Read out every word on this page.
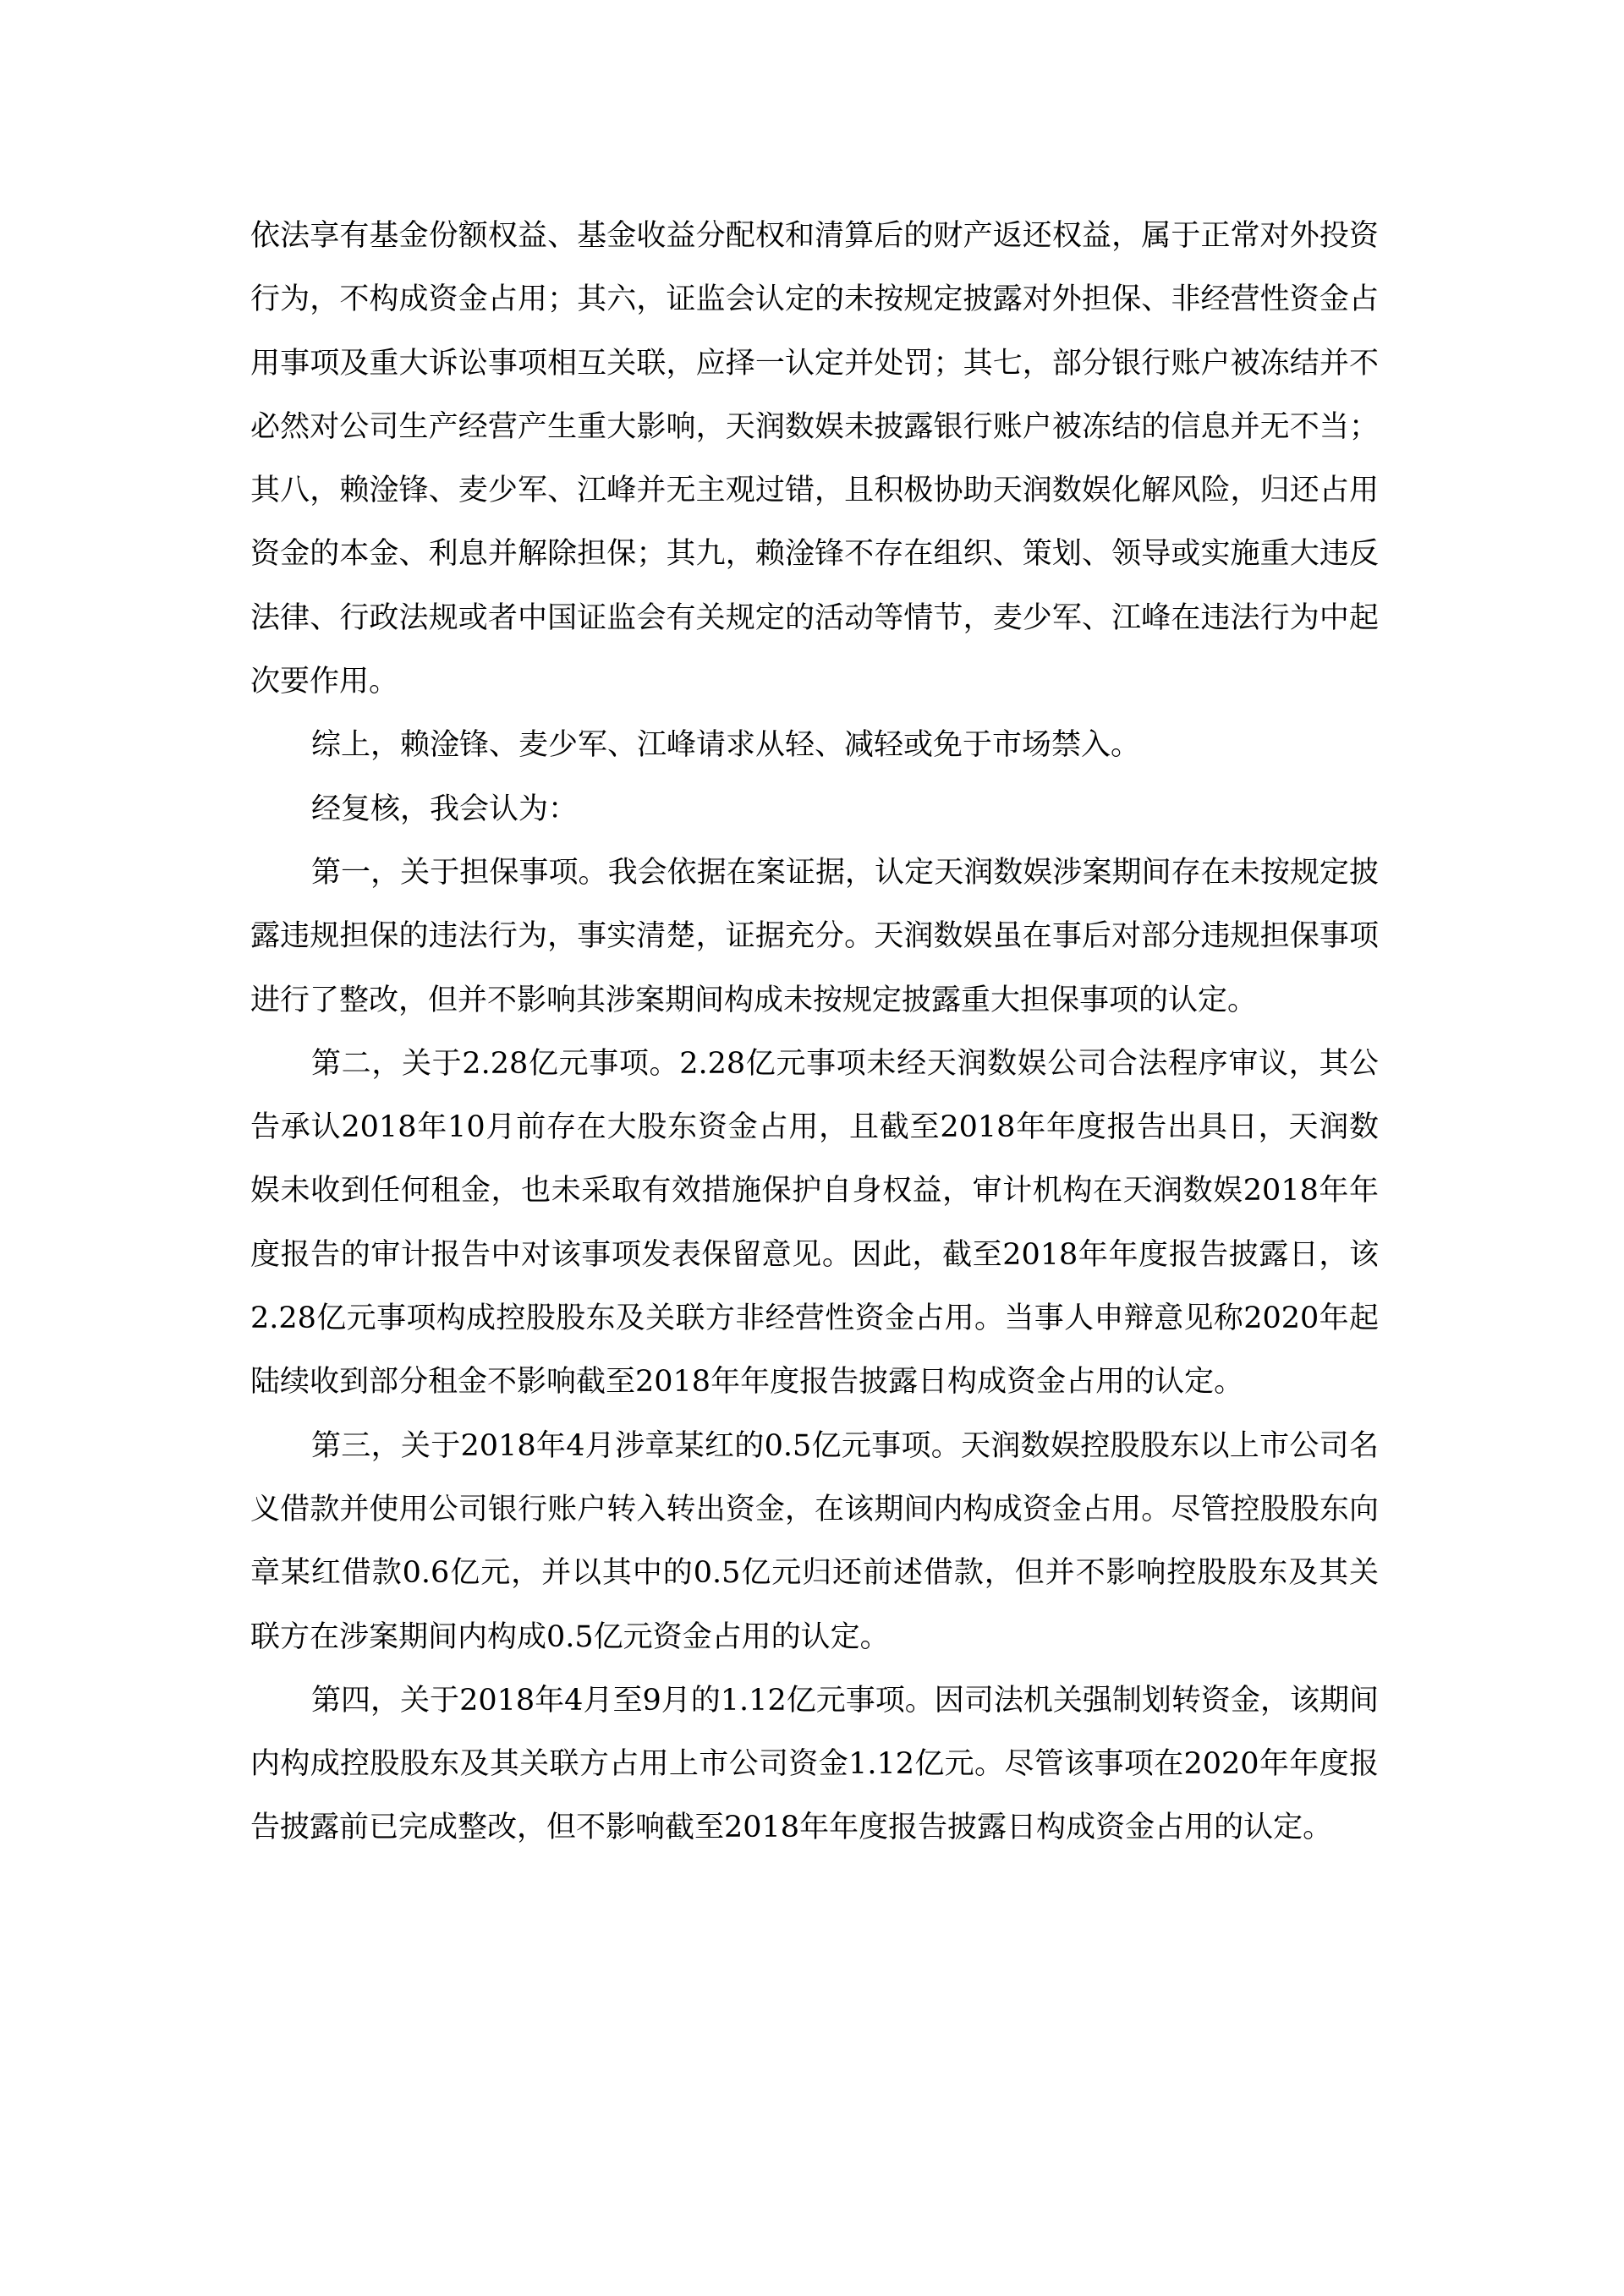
依法享有基金份额权益、基金收益分配权和清算后的财产返还权益，属于正常对外投资行为，不构成资金占用；其六，证监会认定的未按规定披露对外担保、非经营性资金占用事项及重大诉讼事项相互关联，应择一认定并处罚；其七，部分银行账户被冻结并不必然对公司生产经营产生重大影响，天润数娱未披露银行账户被冻结的信息并无不当；其八，赖淦锋、麦少军、江峰并无主观过错，且积极协助天润数娱化解风险，归还占用资金的本金、利息并解除担保；其九，赖淦锋不存在组织、策划、领导或实施重大违反法律、行政法规或者中国证监会有关规定的活动等情节，麦少军、江峰在违法行为中起次要作用。

综上，赖淦锋、麦少军、江峰请求从轻、减轻或免于市场禁入。

经复核，我会认为：

第一，关于担保事项。我会依据在案证据，认定天润数娱涉案期间存在未按规定披露违规担保的违法行为，事实清楚，证据充分。天润数娱虽在事后对部分违规担保事项进行了整改，但并不影响其涉案期间构成未按规定披露重大担保事项的认定。

第二，关于2.28亿元事项。2.28亿元事项未经天润数娱公司合法程序审议，其公告承认2018年10月前存在大股东资金占用，且截至2018年年度报告出具日，天润数娱未收到任何租金，也未采取有效措施保护自身权益，审计机构在天润数娱2018年年度报告的审计报告中对该事项发表保留意见。因此，截至2018年年度报告披露日，该2.28亿元事项构成控股股东及关联方非经营性资金占用。当事人申辩意见称2020年起陆续收到部分租金不影响截至2018年年度报告披露日构成资金占用的认定。

第三，关于2018年4月涉章某红的0.5亿元事项。天润数娱控股股东以上市公司名义借款并使用公司银行账户转入转出资金，在该期间内构成资金占用。尽管控股股东向章某红借款0.6亿元，并以其中的0.5亿元归还前述借款，但并不影响控股股东及其关联方在涉案期间内构成0.5亿元资金占用的认定。

第四，关于2018年4月至9月的1.12亿元事项。因司法机关强制划转资金，该期间内构成控股股东及其关联方占用上市公司资金1.12亿元。尽管该事项在2020年年度报告披露前已完成整改，但不影响截至2018年年度报告披露日构成资金占用的认定。
